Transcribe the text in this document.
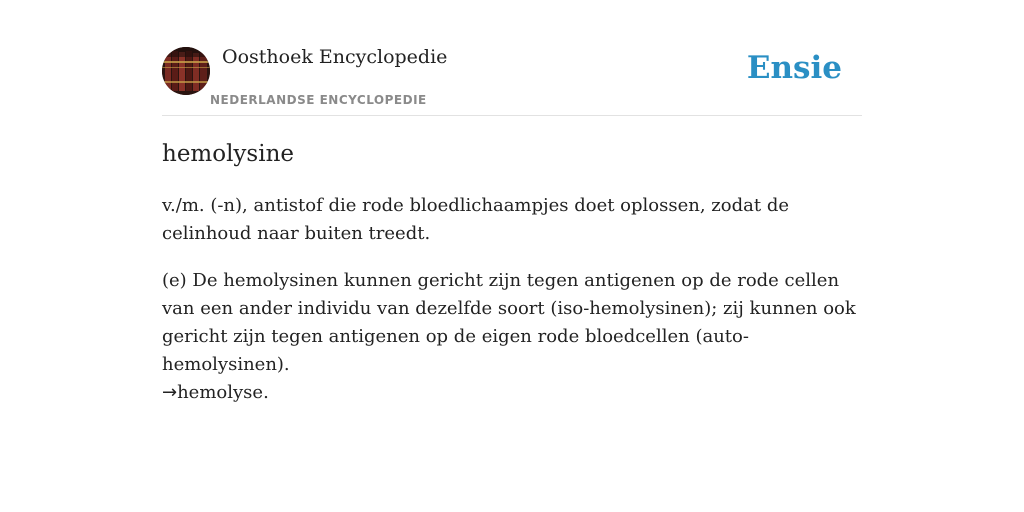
Oosthoek Encyclopedie
NEDERLANDSE ENCYCLOPEDIE
Ensie
hemolysine

v./m. (-n), antistof die rode bloedlichaampjes doet oplossen, zodat de celinhoud naar buiten treedt.

(e) De hemolysinen kunnen gericht zijn tegen antigenen op de rode cellen van een ander individu van dezelfde soort (iso-hemolysinen); zij kunnen ook gericht zijn tegen antigenen op de eigen rode bloedcellen (auto-hemolysinen).
→hemolyse.
